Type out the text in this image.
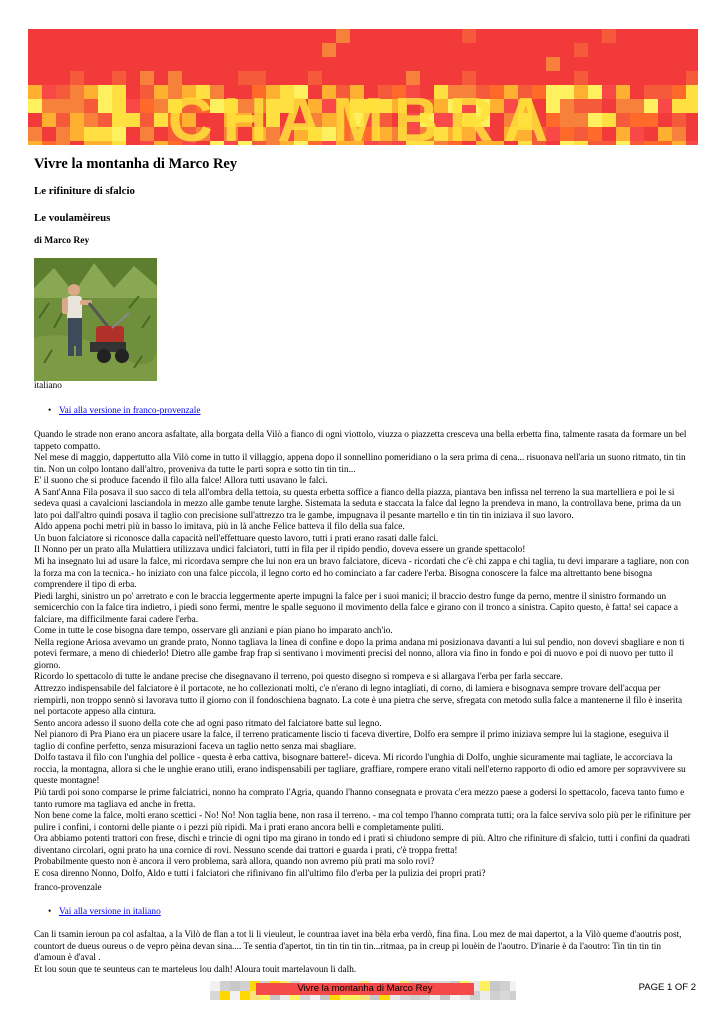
CHAMBRA
Vivre la montanha di Marco Rey
Le rifiniture di sfalcio
Le voulamèireus
di Marco Rey
italiano
• Vai alla versione in franco-provenzale

Quando le strade non erano ancora asfaltate, alla borgata della Vilò a fianco di ogni viottolo, viuzza o piazzetta cresceva una bella erbetta fina, talmente rasata da formare un bel tappeto compatto.

Nel mese di maggio, dappertutto alla Vilò come in tutto il villaggio, appena dopo il sonnellino pomeridiano o la sera prima di cena... risuonava nell'aria un suono ritmato, tin tin tin. Non un colpo lontano dall'altro, proveniva da tutte le parti sopra e sotto tin tin tin...

E' il suono che si produce facendo il filo alla falce! Allora tutti usavano le falci.

A Sant'Anna Fila posava il suo sacco di tela all'ombra della tettoia, su questa erbetta soffice a fianco della piazza, piantava ben infissa nel terreno la sua martelliera e poi le si sedeva quasi a cavalcioni lasciandola in mezzo alle gambe tenute larghe. Sistemata la seduta e staccata la falce dal legno la prendeva in mano, la controllava bene, prima da un lato poi dall'altro quindi posava il taglio con precisione sull'attrezzo tra le gambe, impugnava il pesante martello e tin tin tin iniziava il suo lavoro.

Aldo appena pochi metri più in basso lo imitava, più in là anche Felice batteva il filo della sua falce.

Un buon falciatore si riconosce dalla capacità nell'effettuare questo lavoro, tutti i prati erano rasati dalle falci.

Il Nonno per un prato alla Mulattiera utilizzava undici falciatori, tutti in fila per il ripido pendio, doveva essere un grande spettacolo!

Mi ha insegnato lui ad usare la falce, mi ricordava sempre che lui non era un bravo falciatore, diceva - ricordati che c'è chi zappa e chi taglia, tu devi imparare a tagliare, non con la forza ma con la tecnica.- ho iniziato con una falce piccola, il legno corto ed ho cominciato a far cadere l'erba. Bisogna conoscere la falce ma altrettanto bene bisogna comprendere il tipo di erba.

Piedi larghi, sinistro un po' arretrato e con le braccia leggermente aperte impugni la falce per i suoi manici; il braccio destro funge da perno, mentre il sinistro formando un semicerchio con la falce tira indietro, i piedi sono fermi, mentre le spalle seguono il movimento della falce e girano con il tronco a sinistra. Capito questo, è fatta! sei capace a falciare, ma difficilmente farai cadere l'erba.

Come in tutte le cose bisogna dare tempo, osservare gli anziani e pian piano ho imparato anch'io.

Nella regione Ariosa avevamo un grande prato, Nonno tagliava la linea di confine e dopo la prima andana mi posizionava davanti a lui sul pendio, non dovevi sbagliare e non ti potevi fermare, a meno di chiederlo! Dietro alle gambe frap frap si sentivano i movimenti precisi del nonno, allora via fino in fondo e poi di nuovo e poi di nuovo per tutto il giorno.

Ricordo lo spettacolo di tutte le andane precise che disegnavano il terreno, poi questo disegno si rompeva e si allargava l'erba per farla seccare.

Attrezzo indispensabile del falciatore è il portacote, ne ho collezionati molti, c'e n'erano di legno intagliati, di corno, di lamiera e bisognava sempre trovare dell'acqua per riempirli, non troppo sennò si lavorava tutto il giorno con il fondoschiena bagnato. La cote è una pietra che serve, sfregata con metodo sulla falce a mantenerne il filo è inserita nel portacote appeso alla cintura.

Sento ancora adesso il suono della cote che ad ogni paso ritmato del falciatore batte sul legno.

Nel pianoro di Pra Piano era un piacere usare la falce, il terreno praticamente liscio ti faceva divertire, Dolfo era sempre il primo iniziava sempre lui la stagione, eseguiva il taglio di confine perfetto, senza misurazioni faceva un taglio netto senza mai sbagliare.

Dolfo tastava il filo con l'unghia del pollice - questa è erba cattiva, bisognare battere!- diceva. Mi ricordo l'unghia di Dolfo, unghie sicuramente mai tagliate, le accorciava la roccia, la montagna, allora sì che le unghie erano utili, erano indispensabili per tagliare, graffiare, rompere erano vitali nell'eterno rapporto di odio ed amore per sopravvivere su queste montagne!

Più tardi poi sono comparse le prime falciatrici, nonno ha comprato l'Agria, quando l'hanno consegnata e provata c'era mezzo paese a godersi lo spettacolo, faceva tanto fumo e tanto rumore ma tagliava ed anche in fretta.

Non bene come la falce, molti erano scettici - No! No! Non taglia bene, non rasa il terreno. - ma col tempo l'hanno comprata tutti; ora la falce serviva solo più per le rifiniture per pulire i confini, i contorni delle piante o i pezzi più ripidi. Ma i prati erano ancora belli e completamente puliti.

Ora abbiamo potenti trattori con frese, dischi e trincie di ogni tipo ma girano in tondo ed i prati si chiudono sempre di più. Altro che rifiniture di sfalcio, tutti i confini da quadrati diventano circolari, ogni prato ha una cornice di rovi. Nessuno scende dai trattori e guarda i prati, c'è troppa fretta!

Probabilmente questo non è ancora il vero problema, sarà allora, quando non avremo più prati ma solo rovi?

E cosa direnno Nonno, Dolfo, Aldo e tutti i falciatori che rifinivano fin all'ultimo filo d'erba per la pulizia dei propri prati?

franco-provenzale
• Vai alla versione in italiano

Can li tsamin ieroun pa col asfaltaa, a la Vilò de flan a tot li li vieuleut, le countraa iavet ina bèla erba verdò, fina fina. Lou mez de mai dapertot, a la Vilò queme d'aoutris post, countort de dueus oureus o de vepro pèina devan sina.... Te sentia d'apertot, tin tin tin tin tin...ritmaa, pa in creup pi louèin de l'aoutro. D'inarie è da l'aoutro: Tin tin tin tin d'amoun è d'aval .

Et lou soun que te seunteus can te marteleus lou dalh! Aloura touit martelavoun li dalh.

Vivre la montanha di Marco Rey	PAGE 1 OF 2
